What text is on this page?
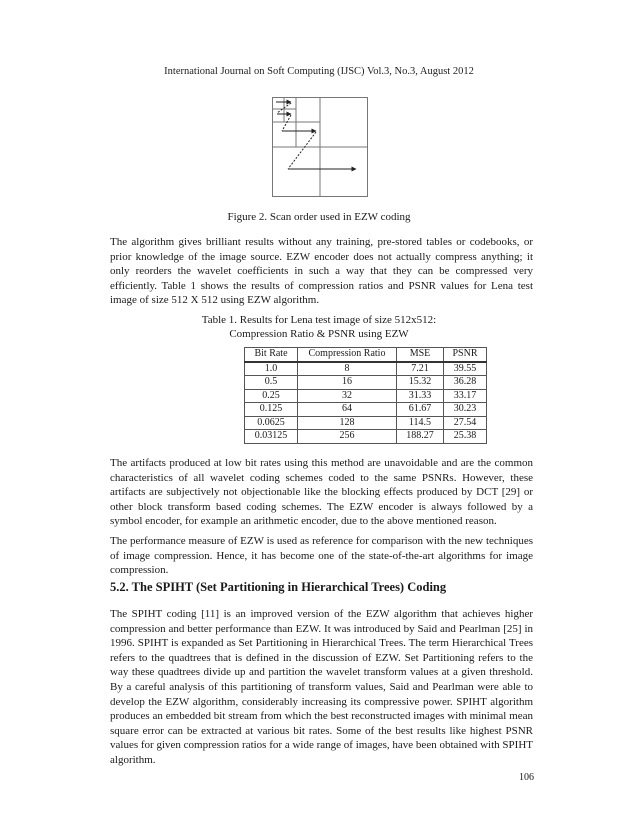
International Journal on Soft Computing (IJSC) Vol.3, No.3, August 2012
Figure 2. Scan order used in EZW coding

The algorithm gives brilliant results without any training, pre-stored tables or codebooks, or prior knowledge of the image source. EZW encoder does not actually compress anything; it only reorders the wavelet coefficients in such a way that they can be compressed very efficiently. Table 1 shows the results of compression ratios and PSNR values for Lena test image of size 512 X 512 using EZW algorithm.

Table 1. Results for Lena test image of size 512x512:
Compression Ratio & PSNR using EZW
Bit Rate	Compression Ratio	MSE	PSNR
1.0	8	7.21	39.55
0.5	16	15.32	36.28
0.25	32	31.33	33.17
0.125	64	61.67	30.23
0.0625	128	114.5	27.54
0.03125	256	188.27	25.38

The artifacts produced at low bit rates using this method are unavoidable and are the common characteristics of all wavelet coding schemes coded to the same PSNRs. However, these artifacts are subjectively not objectionable like the blocking effects produced by DCT [29] or other block transform based coding schemes. The EZW encoder is always followed by a symbol encoder, for example an arithmetic encoder, due to the above mentioned reason.

The performance measure of EZW is used as reference for comparison with the new techniques of image compression. Hence, it has become one of the state-of-the-art algorithms for image compression.

5.2. The SPIHT (Set Partitioning in Hierarchical Trees) Coding

The SPIHT coding [11] is an improved version of the EZW algorithm that achieves higher compression and better performance than EZW. It was introduced by Said and Pearlman [25] in 1996. SPIHT is expanded as Set Partitioning in Hierarchical Trees. The term Hierarchical Trees refers to the quadtrees that is defined in the discussion of EZW. Set Partitioning refers to the way these quadtrees divide up and partition the wavelet transform values at a given threshold. By a careful analysis of this partitioning of transform values, Said and Pearlman were able to develop the EZW algorithm, considerably increasing its compressive power. SPIHT algorithm produces an embedded bit stream from which the best reconstructed images with minimal mean square error can be extracted at various bit rates. Some of the best results like highest PSNR values for given compression ratios for a wide range of images, have been obtained with SPIHT algorithm.

106
